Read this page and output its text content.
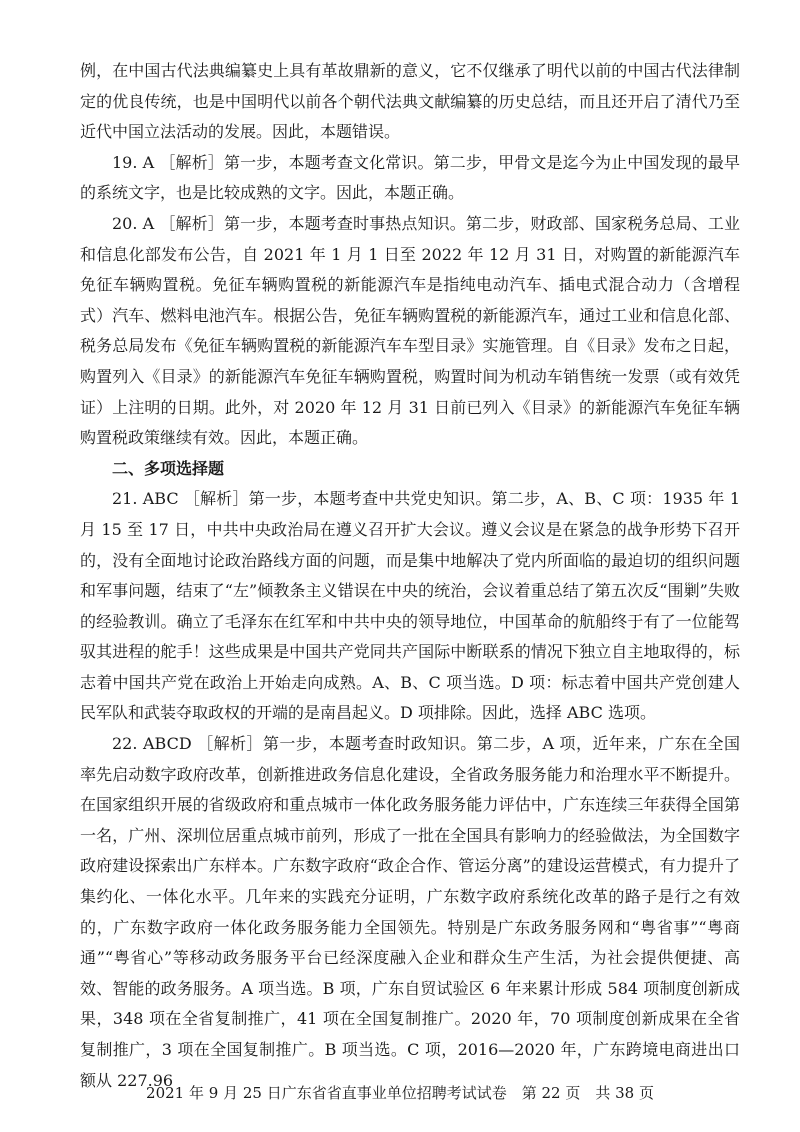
例，在中国古代法典编纂史上具有革故鼎新的意义，它不仅继承了明代以前的中国古代法律制定的优良传统，也是中国明代以前各个朝代法典文献编纂的历史总结，而且还开启了清代乃至近代中国立法活动的发展。因此，本题错误。

19. A ［解析］第一步，本题考查文化常识。第二步，甲骨文是迄今为止中国发现的最早的系统文字，也是比较成熟的文字。因此，本题正确。

20. A ［解析］第一步，本题考查时事热点知识。第二步，财政部、国家税务总局、工业和信息化部发布公告，自 2021 年 1 月 1 日至 2022 年 12 月 31 日，对购置的新能源汽车免征车辆购置税。免征车辆购置税的新能源汽车是指纯电动汽车、插电式混合动力（含增程式）汽车、燃料电池汽车。根据公告，免征车辆购置税的新能源汽车，通过工业和信息化部、税务总局发布《免征车辆购置税的新能源汽车车型目录》实施管理。自《目录》发布之日起，购置列入《目录》的新能源汽车免征车辆购置税，购置时间为机动车销售统一发票（或有效凭证）上注明的日期。此外，对 2020 年 12 月 31 日前已列入《目录》的新能源汽车免征车辆购置税政策继续有效。因此，本题正确。

二、多项选择题

21. ABC ［解析］第一步，本题考查中共党史知识。第二步，A、B、C 项：1935 年 1 月 15 至 17 日，中共中央政治局在遵义召开扩大会议。遵义会议是在紧急的战争形势下召开的，没有全面地讨论政治路线方面的问题，而是集中地解决了党内所面临的最迫切的组织问题和军事问题，结束了“左”倾教条主义错误在中央的统治，会议着重总结了第五次反“围剿”失败的经验教训。确立了毛泽东在红军和中共中央的领导地位，中国革命的航船终于有了一位能驾驭其进程的舵手！这些成果是中国共产党同共产国际中断联系的情况下独立自主地取得的，标志着中国共产党在政治上开始走向成熟。A、B、C 项当选。D 项：标志着中国共产党创建人民军队和武装夺取政权的开端的是南昌起义。D 项排除。因此，选择 ABC 选项。

22. ABCD ［解析］第一步，本题考查时政知识。第二步，A 项，近年来，广东在全国率先启动数字政府改革，创新推进政务信息化建设，全省政务服务能力和治理水平不断提升。在国家组织开展的省级政府和重点城市一体化政务服务能力评估中，广东连续三年获得全国第一名，广州、深圳位居重点城市前列，形成了一批在全国具有影响力的经验做法，为全国数字政府建设探索出广东样本。广东数字政府“政企合作、管运分离”的建设运营模式，有力提升了集约化、一体化水平。几年来的实践充分证明，广东数字政府系统化改革的路子是行之有效的，广东数字政府一体化政务服务能力全国领先。特别是广东政务服务网和“粤省事”“粤商通”“粤省心”等移动政务服务平台已经深度融入企业和群众生产生活，为社会提供便捷、高效、智能的政务服务。A 项当选。B 项，广东自贸试验区 6 年来累计形成 584 项制度创新成果，348 项在全省复制推广，41 项在全国复制推广。2020 年，70 项制度创新成果在全省复制推广，3 项在全国复制推广。B 项当选。C 项，2016—2020 年，广东跨境电商进出口额从 227.96

2021 年 9 月 25 日广东省省直事业单位招聘考试试卷　第 22 页　共 38 页
